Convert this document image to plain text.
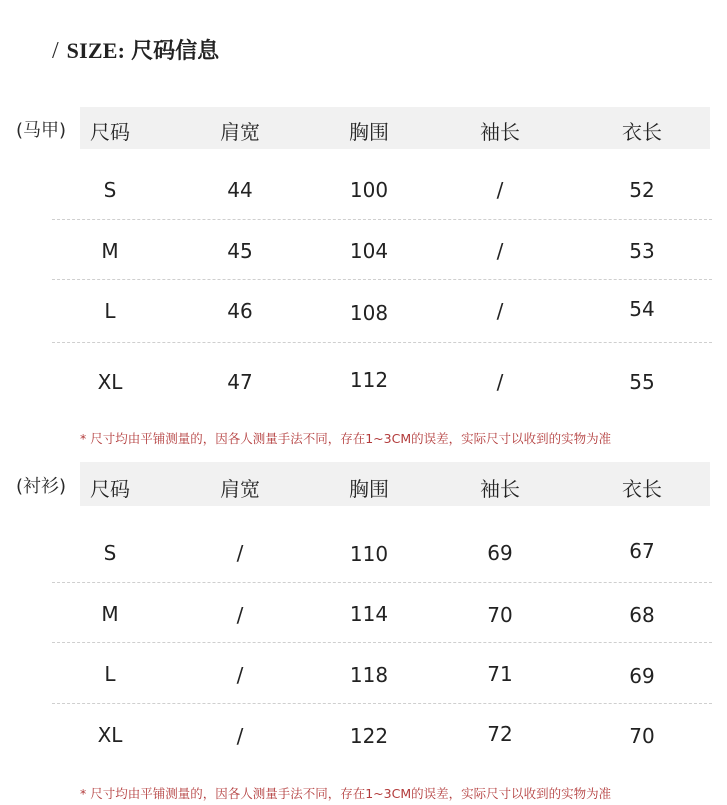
/ SIZE: 尺码信息
(马甲) 尺码	肩宽	胸围	袖长	衣长
S	44	100	/	52
M	45	104	/	53
L	46	108	/	54
XL	47	112	/	55
* 尺寸均由平铺测量的，因各人测量手法不同，存在1~3CM的误差，实际尺寸以收到的实物为准
(衬衫) 尺码	肩宽	胸围	袖长	衣长
S	/	110	69	67
M	/	114	70	68
L	/	118	71	69
XL	/	122	72	70
* 尺寸均由平铺测量的，因各人测量手法不同，存在1~3CM的误差，实际尺寸以收到的实物为准
